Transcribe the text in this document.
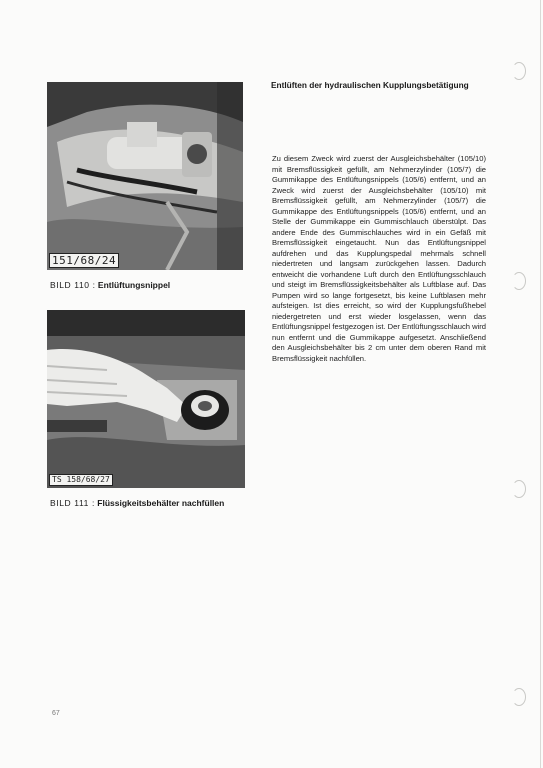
151/68/24
BILD 110 : Entlüftungsnippel
TS 158/68/27
BILD 111 : Flüssigkeitsbehälter nachfüllen
Entlüften der hydraulischen Kupplungsbetätigung
Zu diesem Zweck wird zuerst der Ausgleichsbehälter (105/10) mit Bremsflüssigkeit gefüllt, am Nehmerzylinder (105/7) die Gummikappe des Entlüftungsnippels (105/6) entfernt, und an Zweck wird zuerst der Ausgleichsbehälter (105/10) mit Bremsflüssigkeit gefüllt, am Nehmerzylinder (105/7) die Gummikappe des Entlüftungsnippels (105/6) entfernt, und an Stelle der Gummikappe ein Gummischlauch überstülpt. Das andere Ende des Gummischlauches wird in ein Gefäß mit Bremsflüssigkeit eingetaucht. Nun das Entlüftungsnippel aufdrehen und das Kupplungspedal mehrmals schnell niedertreten und langsam zurückgehen lassen. Dadurch entweicht die vorhandene Luft durch den Entlüftungsschlauch und steigt im Bremsflüssigkeitsbehälter als Luftblase auf. Das Pumpen wird so lange fortgesetzt, bis keine Luftblasen mehr aufsteigen. Ist dies erreicht, so wird der Kupplungsfußhebel niedergetreten und erst wieder losgelassen, wenn das Entlüftungsnippel festgezogen ist. Der Entlüftungsschlauch wird nun entfernt und die Gummikappe aufgesetzt. Anschließend den Ausgleichsbehälter bis 2 cm unter dem oberen Rand mit Bremsflüssigkeit nachfüllen.
67
